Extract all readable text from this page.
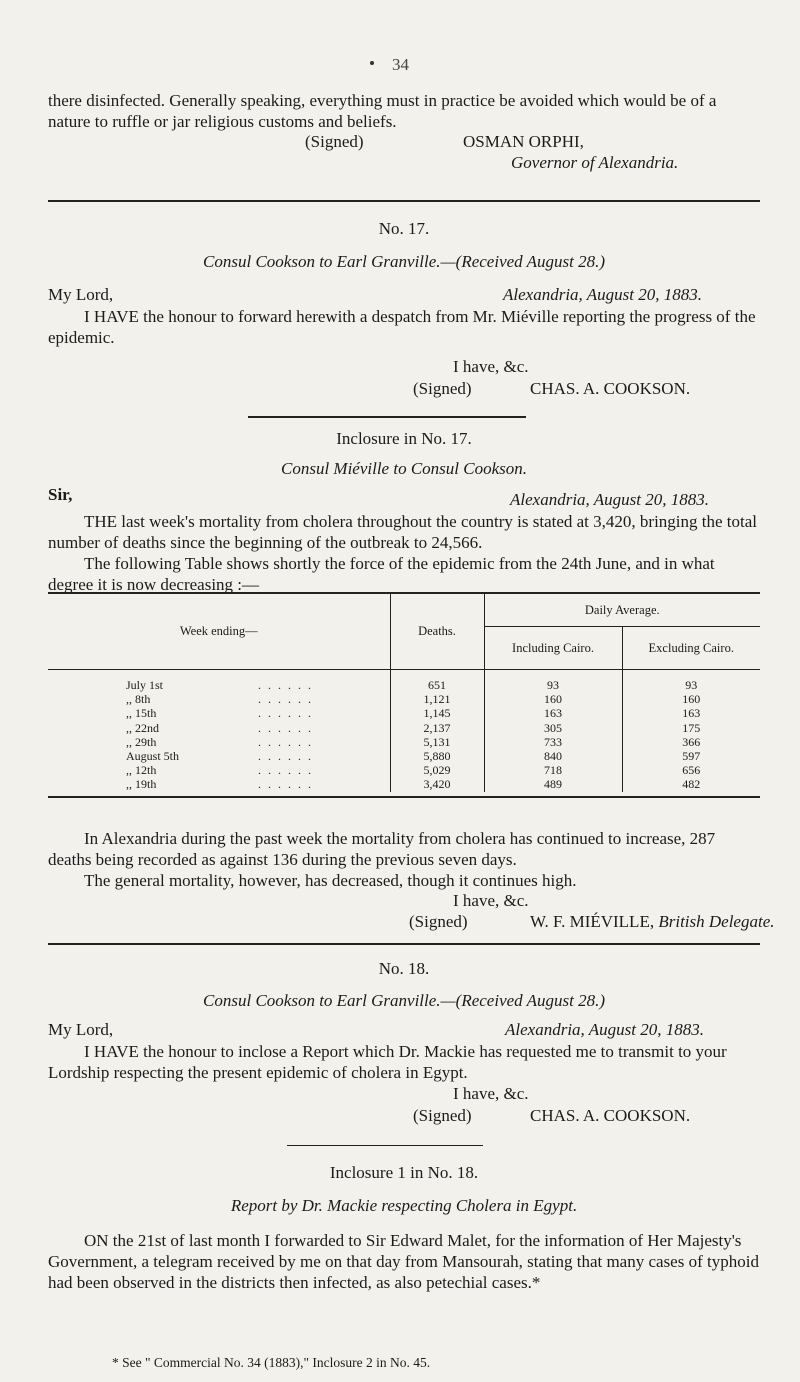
34
there disinfected. Generally speaking, everything must in practice be avoided which would be of a nature to ruffle or jar religious customs and beliefs.
(Signed)	OSMAN ORPHI,
Governor of Alexandria.
No. 17.
Consul Cookson to Earl Granville.—(Received August 28.)
My Lord,	Alexandria, August 20, 1883.
I HAVE the honour to forward herewith a despatch from Mr. Miéville reporting the progress of the epidemic.
I have, &c.
(Signed)	CHAS. A. COOKSON.
Inclosure in No. 17.
Consul Miéville to Consul Cookson.
Sir,	Alexandria, August 20, 1883.
THE last week's mortality from cholera throughout the country is stated at 3,420, bringing the total number of deaths since the beginning of the outbreak to 24,566.
The following Table shows shortly the force of the epidemic from the 24th June, and in what degree it is now decreasing :—
Week ending—	Deaths.	Daily Average.	
		Including Cairo.	Excluding Cairo.
July 1st . . . . . .	651	93	93
,, 8th . . . . . .	1,121	160	160
,, 15th . . . . . .	1,145	163	163
,, 22nd . . . . . .	2,137	305	175
,, 29th . . . . . .	5,131	733	366
August 5th . . . . . .	5,880	840	597
,, 12th . . . . . .	5,029	718	656
,, 19th . . . . . .	3,420	489	482

In Alexandria during the past week the mortality from cholera has continued to increase, 287 deaths being recorded as against 136 during the previous seven days.
The general mortality, however, has decreased, though it continues high.
I have, &c.
(Signed)	W. F. MIÉVILLE, British Delegate.
No. 18.
Consul Cookson to Earl Granville.—(Received August 28.)
My Lord,	Alexandria, August 20, 1883.
I HAVE the honour to inclose a Report which Dr. Mackie has requested me to transmit to your Lordship respecting the present epidemic of cholera in Egypt.
I have, &c.
(Signed)	CHAS. A. COOKSON.
Inclosure 1 in No. 18.
Report by Dr. Mackie respecting Cholera in Egypt.
ON the 21st of last month I forwarded to Sir Edward Malet, for the information of Her Majesty's Government, a telegram received by me on that day from Mansourah, stating that many cases of typhoid had been observed in the districts then infected, as also petechial cases.*
* See " Commercial No. 34 (1883)," Inclosure 2 in No. 45.
